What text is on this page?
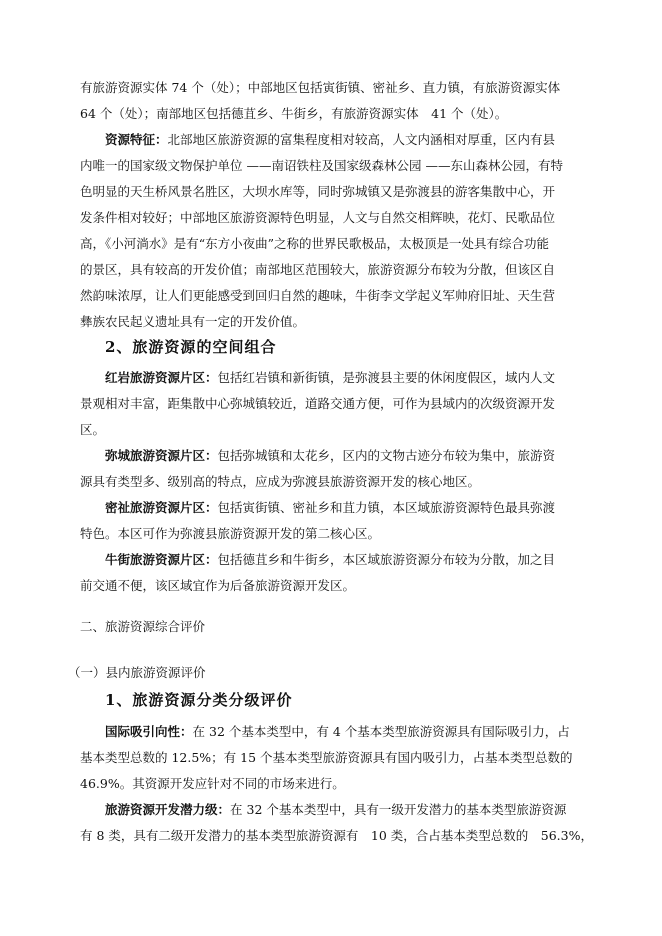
有旅游资源实体 74 个（处）；中部地区包括寅街镇、密祉乡、直力镇，有旅游资源实体
64 个（处）；南部地区包括德苴乡、牛街乡，有旅游资源实体　41 个（处）。
资源特征：北部地区旅游资源的富集程度相对较高，人文内涵相对厚重，区内有县
内唯一的国家级文物保护单位 ——南诏铁柱及国家级森林公园 ——东山森林公园，有特
色明显的天生桥风景名胜区，大坝水库等，同时弥城镇又是弥渡县的游客集散中心，开
发条件相对较好；中部地区旅游资源特色明显，人文与自然交相辉映，花灯、民歌品位
高，《小河淌水》是有“东方小夜曲”之称的世界民歌极品，太极顶是一处具有综合功能
的景区，具有较高的开发价值；南部地区范围较大，旅游资源分布较为分散，但该区自
然韵味浓厚，让人们更能感受到回归自然的趣味，牛街李文学起义军帅府旧址、天生营
彝族农民起义遗址具有一定的开发价值。
2、旅游资源的空间组合
红岩旅游资源片区：包括红岩镇和新街镇，是弥渡县主要的休闲度假区，域内人文
景观相对丰富，距集散中心弥城镇较近，道路交通方便，可作为县域内的次级资源开发
区。
弥城旅游资源片区：包括弥城镇和太花乡，区内的文物古迹分布较为集中，旅游资
源具有类型多、级别高的特点，应成为弥渡县旅游资源开发的核心地区。
密祉旅游资源片区：包括寅街镇、密祉乡和苴力镇，本区域旅游资源特色最具弥渡
特色。本区可作为弥渡县旅游资源开发的第二核心区。
牛街旅游资源片区：包括德苴乡和牛街乡，本区域旅游资源分布较为分散，加之目
前交通不便，该区域宜作为后备旅游资源开发区。
二、旅游资源综合评价
（一）县内旅游资源评价
1、旅游资源分类分级评价
国际吸引向性：在 32 个基本类型中，有 4 个基本类型旅游资源具有国际吸引力，占
基本类型总数的 12.5%；有 15 个基本类型旅游资源具有国内吸引力，占基本类型总数的
46.9%。其资源开发应针对不同的市场来进行。
旅游资源开发潜力级：在 32 个基本类型中，具有一级开发潜力的基本类型旅游资源
有 8 类，具有二级开发潜力的基本类型旅游资源有　10 类，合占基本类型总数的　56.3%，
